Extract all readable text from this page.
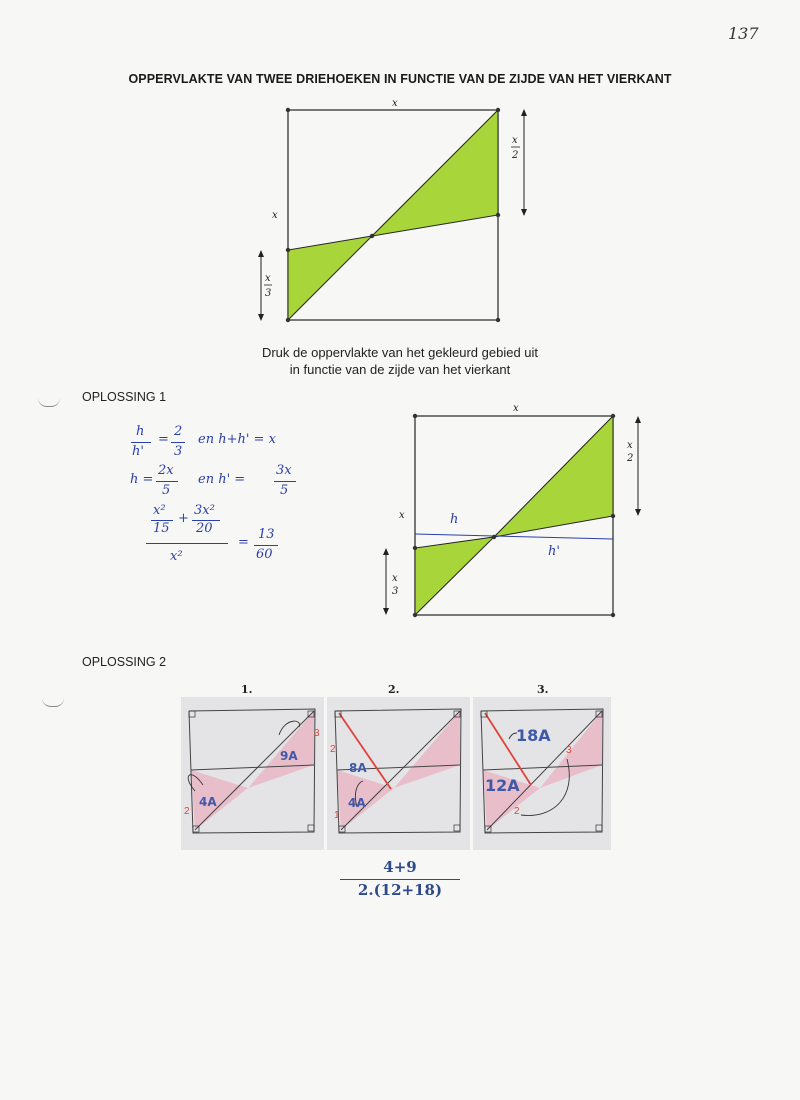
137
OPPERVLAKTE VAN TWEE DRIEHOEKEN IN FUNCTIE VAN DE ZIJDE VAN HET VIERKANT
x
x
x
2
x
3
Druk de oppervlakte van het gekleurd gebied uit
in functie van de zijde van het vierkant
OPLOSSING 1
h
h'
=
2
3
en h+h' = x
h =
2x
5
en h' =
3x
5
x²
15
+
3x²
20
x²
=
13
60
x
x
x
2
x
3
h
h'
OPLOSSING 2
1.	2.	3.
9A
4A
3
2
8A
4A
2
1
18A
12A
3
2
4+9
2.(12+18)
